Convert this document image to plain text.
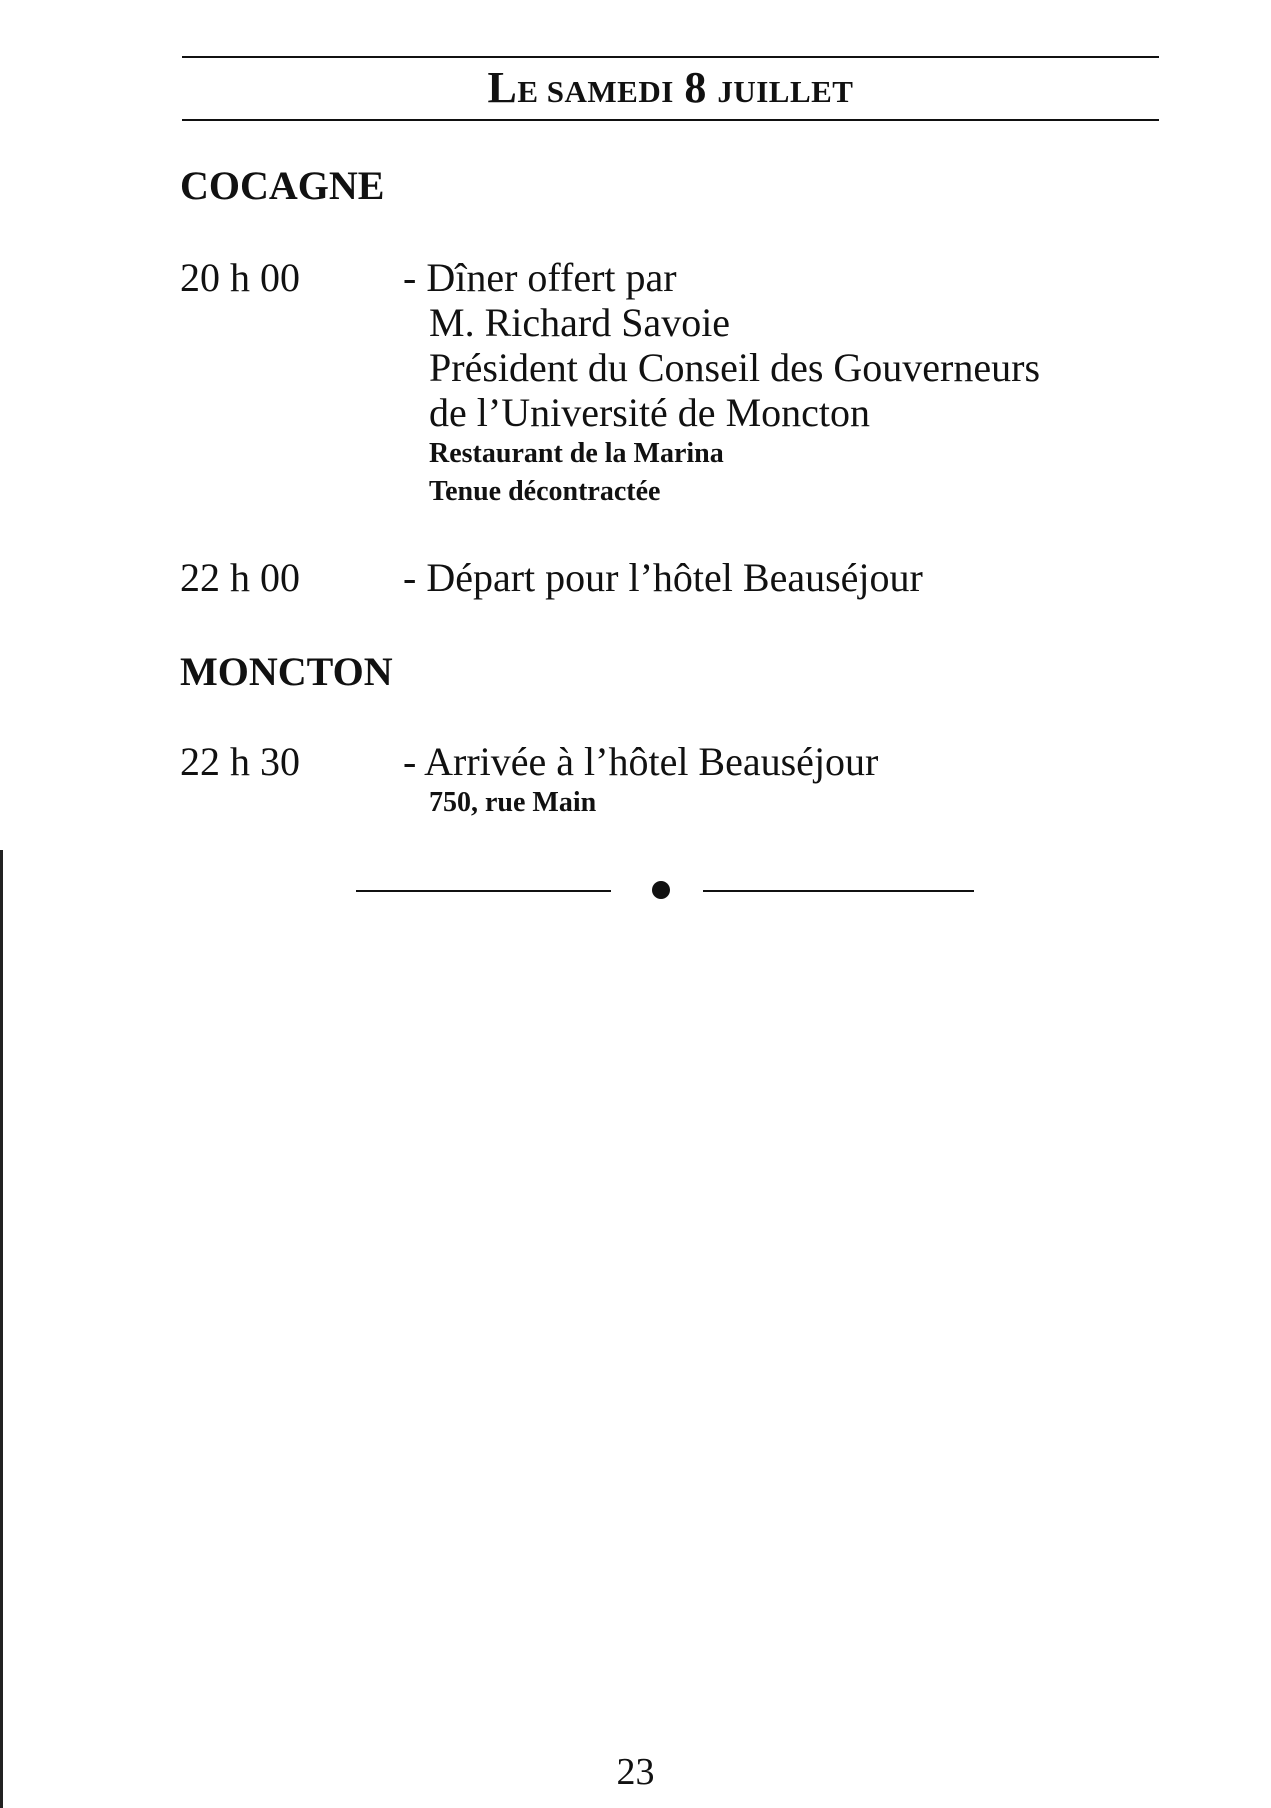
LE SAMEDI 8 JUILLET
COCAGNE
20 h 00	- Dîner offert par
M. Richard Savoie
Président du Conseil des Gouverneurs
de l’Université de Moncton
Restaurant de la Marina
Tenue décontractée
22 h 00	- Départ pour l’hôtel Beauséjour
MONCTON
22 h 30	- Arrivée à l’hôtel Beauséjour
750, rue Main
23
